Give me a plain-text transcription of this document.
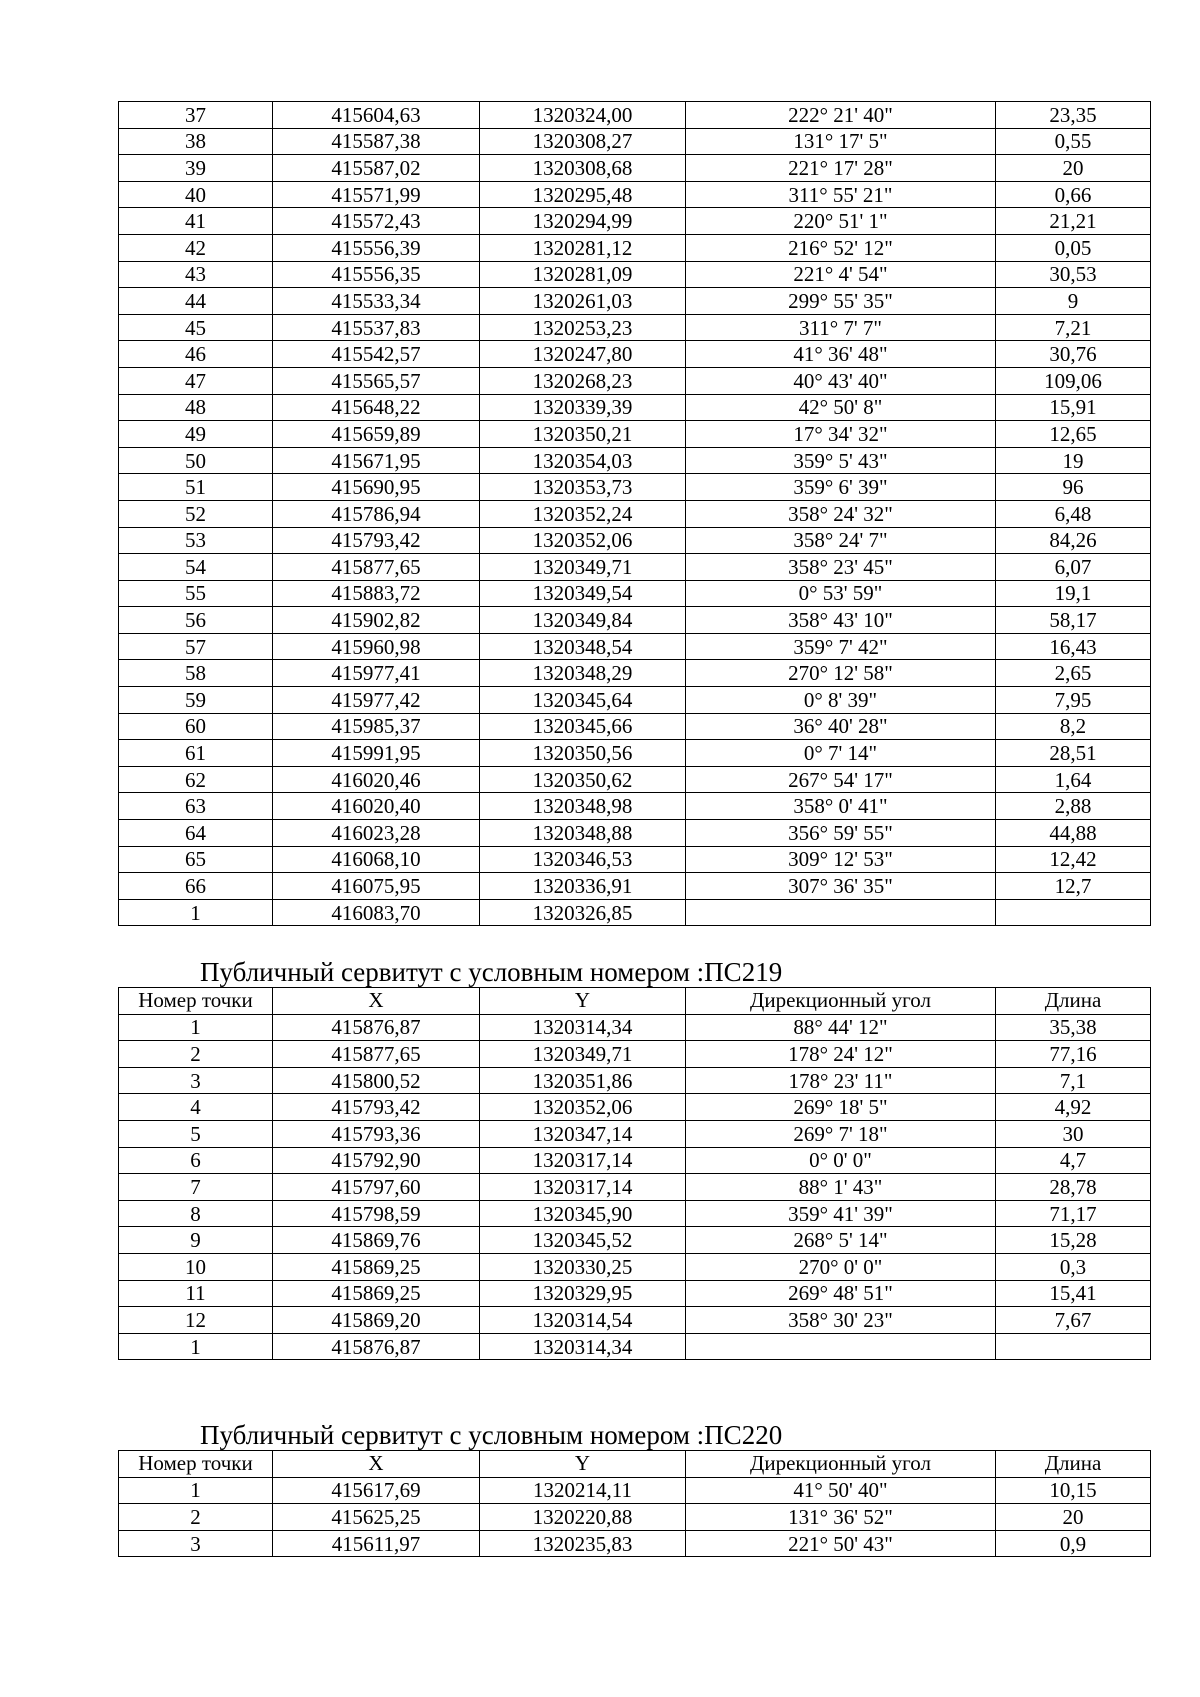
37	415604,63	1320324,00	222° 21' 40"	23,35
38	415587,38	1320308,27	131° 17' 5"	0,55
39	415587,02	1320308,68	221° 17' 28"	20
40	415571,99	1320295,48	311° 55' 21"	0,66
41	415572,43	1320294,99	220° 51' 1"	21,21
42	415556,39	1320281,12	216° 52' 12"	0,05
43	415556,35	1320281,09	221° 4' 54"	30,53
44	415533,34	1320261,03	299° 55' 35"	9
45	415537,83	1320253,23	311° 7' 7"	7,21
46	415542,57	1320247,80	41° 36' 48"	30,76
47	415565,57	1320268,23	40° 43' 40"	109,06
48	415648,22	1320339,39	42° 50' 8"	15,91
49	415659,89	1320350,21	17° 34' 32"	12,65
50	415671,95	1320354,03	359° 5' 43"	19
51	415690,95	1320353,73	359° 6' 39"	96
52	415786,94	1320352,24	358° 24' 32"	6,48
53	415793,42	1320352,06	358° 24' 7"	84,26
54	415877,65	1320349,71	358° 23' 45"	6,07
55	415883,72	1320349,54	0° 53' 59"	19,1
56	415902,82	1320349,84	358° 43' 10"	58,17
57	415960,98	1320348,54	359° 7' 42"	16,43
58	415977,41	1320348,29	270° 12' 58"	2,65
59	415977,42	1320345,64	0° 8' 39"	7,95
60	415985,37	1320345,66	36° 40' 28"	8,2
61	415991,95	1320350,56	0° 7' 14"	28,51
62	416020,46	1320350,62	267° 54' 17"	1,64
63	416020,40	1320348,98	358° 0' 41"	2,88
64	416023,28	1320348,88	356° 59' 55"	44,88
65	416068,10	1320346,53	309° 12' 53"	12,42
66	416075,95	1320336,91	307° 36' 35"	12,7
1	416083,70	1320326,85		
Публичный сервитут с условным номером :ПС219
Номер точки	X	Y	Дирекционный угол	Длина
1	415876,87	1320314,34	88° 44' 12"	35,38
2	415877,65	1320349,71	178° 24' 12"	77,16
3	415800,52	1320351,86	178° 23' 11"	7,1
4	415793,42	1320352,06	269° 18' 5"	4,92
5	415793,36	1320347,14	269° 7' 18"	30
6	415792,90	1320317,14	0° 0' 0"	4,7
7	415797,60	1320317,14	88° 1' 43"	28,78
8	415798,59	1320345,90	359° 41' 39"	71,17
9	415869,76	1320345,52	268° 5' 14"	15,28
10	415869,25	1320330,25	270° 0' 0"	0,3
11	415869,25	1320329,95	269° 48' 51"	15,41
12	415869,20	1320314,54	358° 30' 23"	7,67
1	415876,87	1320314,34		
Публичный сервитут с условным номером :ПС220
Номер точки	X	Y	Дирекционный угол	Длина
1	415617,69	1320214,11	41° 50' 40"	10,15
2	415625,25	1320220,88	131° 36' 52"	20
3	415611,97	1320235,83	221° 50' 43"	0,9
